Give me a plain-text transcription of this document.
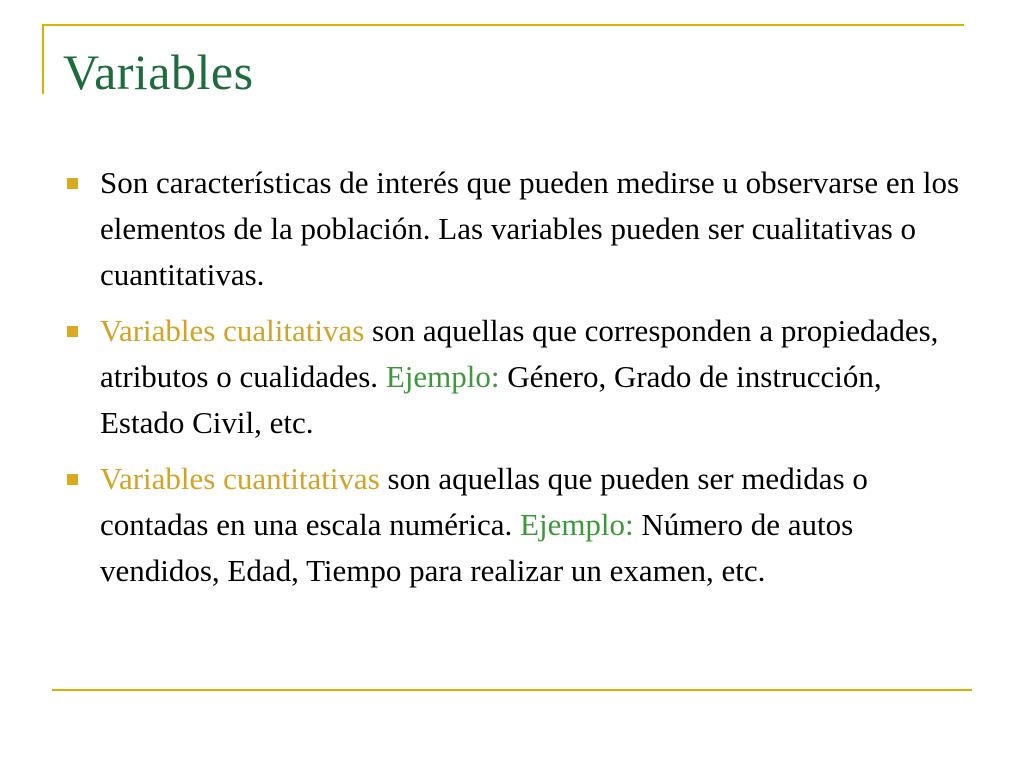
Variables
Son características de interés que pueden medirse u observarse en los elementos de la población. Las variables pueden ser cualitativas o cuantitativas.
Variables cualitativas son aquellas que corresponden a propiedades, atributos o cualidades. Ejemplo: Género, Grado de instrucción, Estado Civil, etc.
Variables cuantitativas son aquellas que pueden ser medidas o contadas en una escala numérica. Ejemplo: Número de autos vendidos, Edad, Tiempo para realizar un examen, etc.
